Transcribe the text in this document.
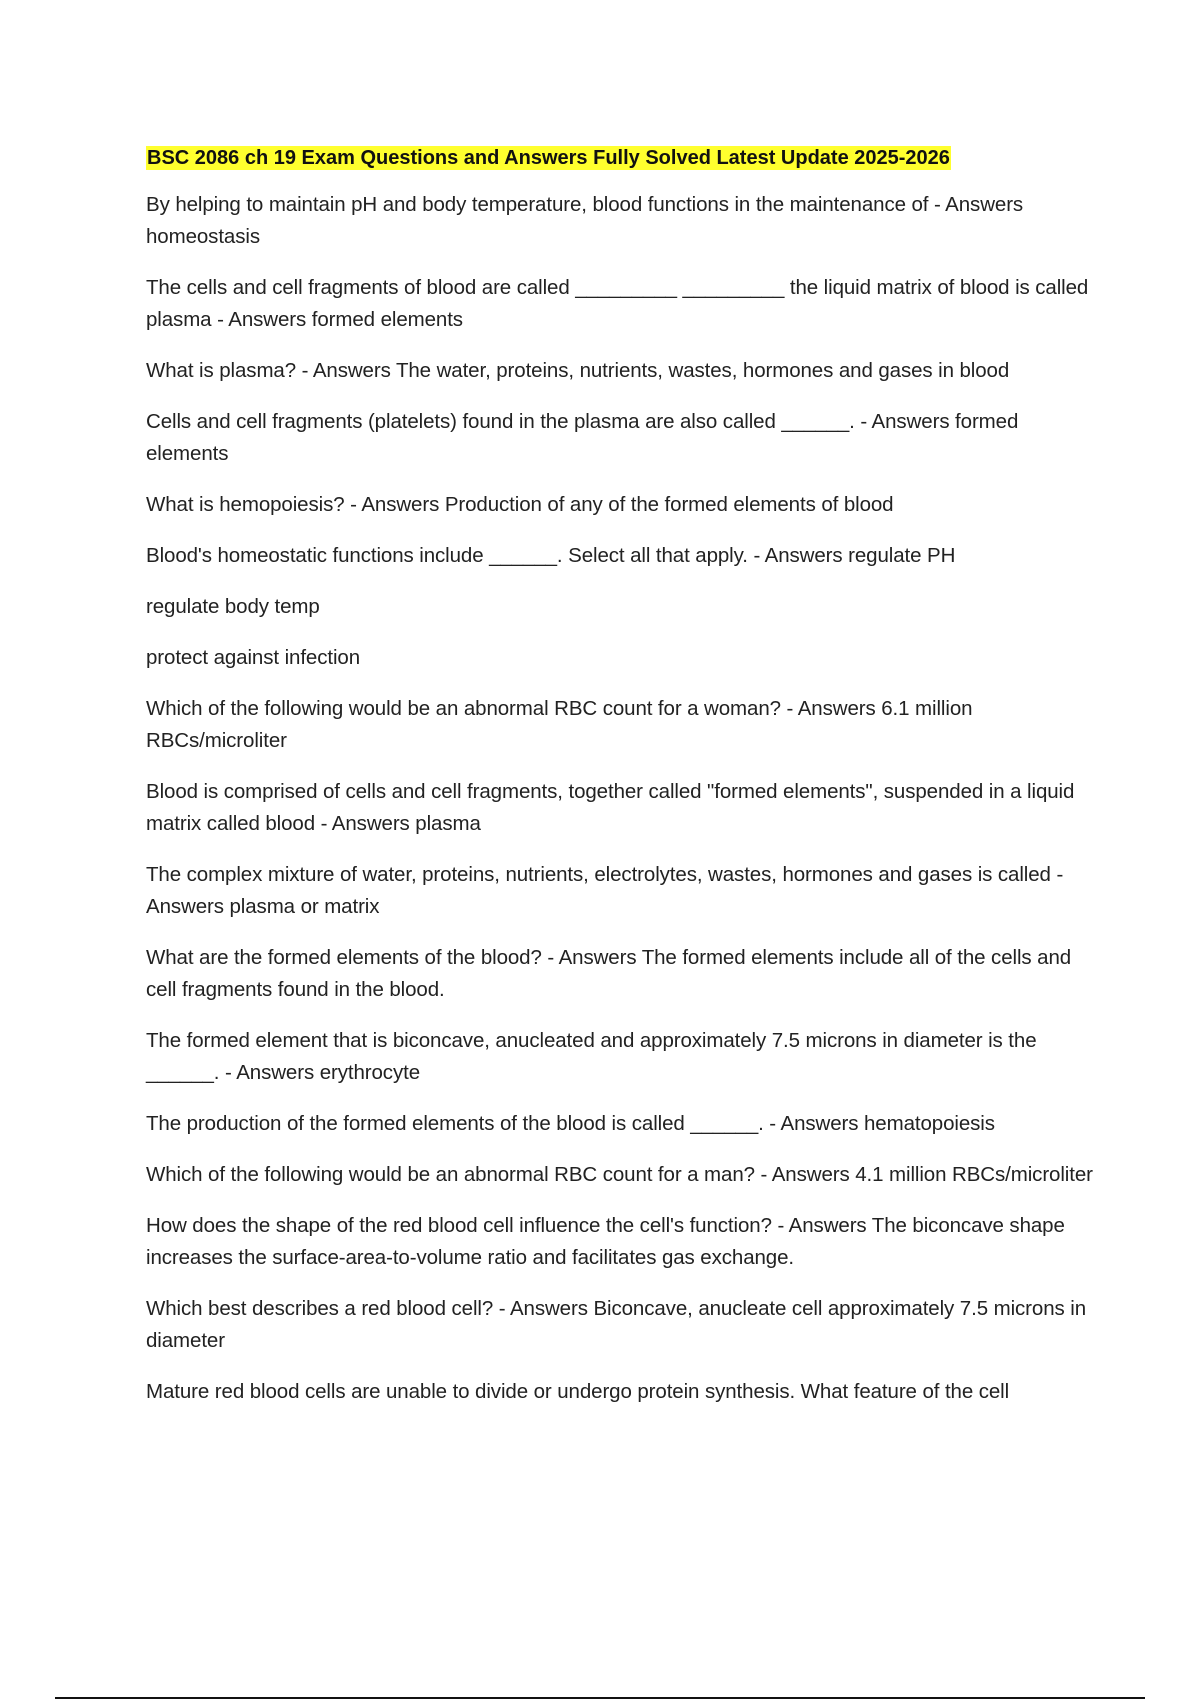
BSC 2086 ch 19 Exam Questions and Answers Fully Solved Latest Update 2025-2026

By helping to maintain pH and body temperature, blood functions in the maintenance of - Answers homeostasis

The cells and cell fragments of blood are called _________ _________ the liquid matrix of blood is called plasma - Answers formed elements

What is plasma? - Answers The water, proteins, nutrients, wastes, hormones and gases in blood

Cells and cell fragments (platelets) found in the plasma are also called ______. - Answers formed elements

What is hemopoiesis? - Answers Production of any of the formed elements of blood

Blood's homeostatic functions include ______. Select all that apply. - Answers regulate PH

regulate body temp

protect against infection

Which of the following would be an abnormal RBC count for a woman? - Answers 6.1 million RBCs/microliter

Blood is comprised of cells and cell fragments, together called "formed elements", suspended in a liquid matrix called blood - Answers plasma

The complex mixture of water, proteins, nutrients, electrolytes, wastes, hormones and gases is called - Answers plasma or matrix

What are the formed elements of the blood? - Answers The formed elements include all of the cells and cell fragments found in the blood.

The formed element that is biconcave, anucleated and approximately 7.5 microns in diameter is the ______. - Answers erythrocyte

The production of the formed elements of the blood is called ______. - Answers hematopoiesis

Which of the following would be an abnormal RBC count for a man? - Answers 4.1 million RBCs/microliter

How does the shape of the red blood cell influence the cell's function? - Answers The biconcave shape increases the surface-area-to-volume ratio and facilitates gas exchange.

Which best describes a red blood cell? - Answers Biconcave, anucleate cell approximately 7.5 microns in diameter

Mature red blood cells are unable to divide or undergo protein synthesis. What feature of the cell
